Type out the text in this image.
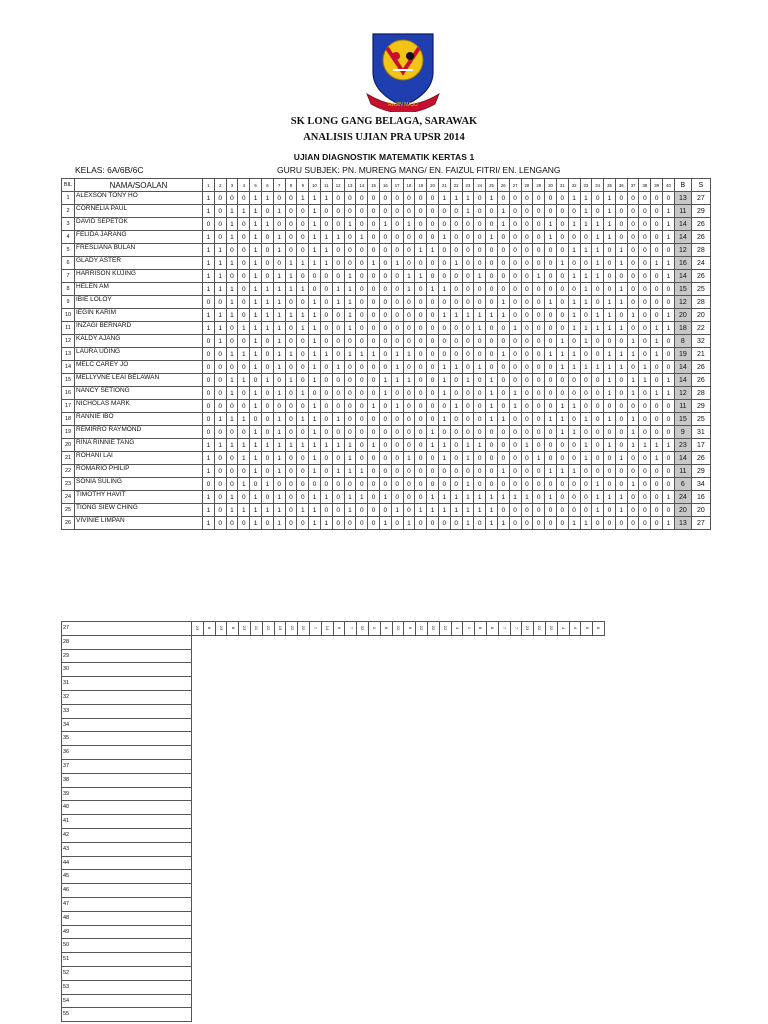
RAJIN MAJU
SK LONG GANG BELAGA, SARAWAK
ANALISIS UJIAN PRA UPSR 2014
UJIAN DIAGNOSTIK MATEMATIK KERTAS 1
KELAS: 6A/6B/6C	GURU SUBJEK: PN. MURENG MANG/ EN. FAIZUL FITRI/ EN. LENGANG
BIL	NAMA/SOALAN	1	2	3	4	5	6	7	8	9	10	11	12	13	14	15	16	17	18	19	20	21	22	23	24	25	26	27	28	29	30	31	32	33	34	35	36	37	38	39	40	B	S
1	ALEXSON TONY HO	1	0	0	0	1	1	0	0	1	1	1	0	0	0	0	0	0	0	0	0	1	1	1	0	1	0	0	0	0	0	0	1	1	0	1	0	0	0	0	0	13	27
2	CORNELIA PAUL	1	0	1	1	1	0	1	0	0	1	0	0	0	0	0	0	0	0	0	0	0	0	1	0	0	1	0	0	0	0	0	0	1	0	1	0	0	0	0	1	11	29
3	DAVID SEPETOK	0	0	1	0	1	1	0	0	0	1	0	0	1	0	0	1	0	1	0	0	0	0	0	0	0	1	0	0	0	1	0	1	1	1	1	0	0	0	0	1	14	26
4	FELIDA JARANG	1	0	1	0	1	0	1	0	0	1	1	1	0	1	0	0	0	0	0	0	1	0	0	0	1	0	0	0	0	1	0	0	0	1	1	0	0	0	0	1	14	26
5	FRESLIANA BULAN	1	1	0	0	1	0	1	0	0	1	1	0	0	0	0	0	0	0	1	1	0	0	0	0	0	0	0	0	0	0	0	1	1	1	0	1	0	0	0	0	12	28
6	GLADY ASTER	1	1	1	0	1	0	0	1	1	1	1	0	0	0	1	0	1	0	0	0	0	1	0	0	0	0	0	0	0	0	1	0	0	1	0	1	0	0	1	1	16	24
7	HARRISON KUJING	1	1	0	0	1	0	1	1	0	0	0	0	1	0	0	0	0	1	1	0	0	0	0	1	0	0	0	0	1	0	0	1	1	1	0	0	0	0	0	1	14	26
8	HELEN AM	1	1	1	0	1	1	1	1	1	0	0	1	1	0	0	0	0	1	0	1	1	0	0	0	0	0	0	0	0	0	0	0	1	0	0	1	0	0	0	0	15	25
9	IBIE LOLOY	0	0	1	0	1	1	1	0	0	1	0	1	1	0	0	0	0	0	0	0	0	0	0	0	0	1	0	0	0	1	0	1	1	0	1	1	0	0	0	0	12	28
10	IEGIN KARIM	1	1	1	0	1	1	1	1	1	1	0	0	1	0	0	0	0	0	0	0	1	1	1	1	1	1	0	0	0	0	0	1	0	1	1	0	1	0	0	1	20	20
11	INZAGI BERNARD	1	1	0	1	1	1	1	0	1	1	0	0	1	0	0	0	0	0	0	0	0	0	0	1	0	0	1	0	0	0	0	1	1	1	1	1	0	0	1	1	18	22
12	KALDY AJANG	0	1	0	0	1	0	1	0	0	1	0	0	0	0	0	0	0	0	0	0	0	0	0	0	0	0	0	0	0	0	1	0	1	0	0	0	1	0	1	0	8	32
13	LAURA UDING	0	0	1	1	1	0	1	1	0	1	1	0	1	1	1	0	1	1	0	0	0	0	0	0	0	1	0	0	0	1	1	1	0	0	1	1	1	0	1	0	19	21
14	MELC CAREY JO	0	0	0	0	1	0	1	0	0	1	0	1	0	0	0	0	1	0	0	0	1	1	0	1	0	0	0	0	0	0	1	1	1	1	1	1	0	1	0	0	14	26
15	MELLYVNE LEAI BELAWAN	0	0	1	1	0	1	0	1	0	1	0	0	0	0	0	1	1	1	0	0	1	0	1	0	1	0	0	0	0	0	0	0	0	0	1	0	1	1	0	1	14	26
16	NANCY SETIONG	0	0	1	0	1	0	1	0	1	0	0	0	0	0	0	1	0	0	0	0	1	0	0	0	1	0	1	0	0	0	0	0	0	0	1	0	1	0	1	1	12	28
17	NICHOLAS MARK	0	0	0	0	1	0	0	0	0	1	0	0	0	0	1	0	1	0	0	0	0	1	0	0	1	0	1	0	0	0	1	1	0	0	0	0	0	0	0	0	11	29
18	RANNIE IBO	0	1	1	1	0	0	1	0	1	1	0	1	0	0	0	0	0	0	0	0	1	0	0	0	1	1	0	0	0	1	1	0	1	0	1	0	1	0	0	0	15	25
19	REMIRRO RAYMOND	0	0	0	0	1	0	1	0	0	1	0	0	0	0	0	0	0	0	0	1	0	0	0	0	0	0	0	0	0	0	1	1	0	0	0	0	1	0	0	0	9	31
20	RINA RINNIE TANG	1	1	1	1	1	1	1	1	1	1	1	1	1	0	1	0	0	0	0	1	1	0	1	1	0	0	0	1	0	0	0	0	1	0	1	0	1	1	1	1	23	17
21	ROHANI LAI	1	0	0	1	1	0	1	0	0	1	0	0	1	0	0	0	0	1	0	0	1	0	1	0	0	0	0	0	1	0	0	0	1	0	0	1	0	0	1	0	14	26
22	ROMARIO PHILIP	1	0	0	0	1	0	1	0	0	1	0	1	1	1	0	0	0	0	0	0	0	0	0	0	0	1	0	0	0	1	1	1	0	0	0	0	0	0	0	0	11	29
23	SONIA SULING	0	0	0	1	0	1	0	0	0	0	0	0	0	0	0	0	0	0	0	0	0	0	1	0	0	0	0	0	0	0	0	0	0	1	0	0	1	0	0	0	6	34
24	TIMOTHY HAVIT	1	0	1	0	1	0	1	0	0	1	1	0	1	1	0	1	0	0	0	1	1	1	1	1	1	1	1	1	0	1	0	0	0	1	1	1	0	0	0	1	24	16
25	TIONG SIEW CHING	1	0	1	1	1	1	1	0	1	1	0	0	1	0	0	0	1	0	1	1	1	1	1	1	1	0	0	0	0	0	0	0	0	1	0	1	0	0	0	0	20	20
26	VIVINIE LIMPAN	1	0	0	0	1	0	1	0	0	1	1	0	0	0	0	1	0	1	0	0	0	0	1	0	1	1	0	0	0	0	0	1	1	0	0	0	0	0	0	1	13	27
27	23	8	23	8	23	11	22	15	22	22	7	14	6	7	32	2	8	22	8	22	22	22	4	1	8	8	7	7	23	22	22	4	4	8	8
28
29
30
31
32
33
34
35
36
37
38
39
40
41
42
43
44
45
46
47
48
49
50
51
52
53
54
55
